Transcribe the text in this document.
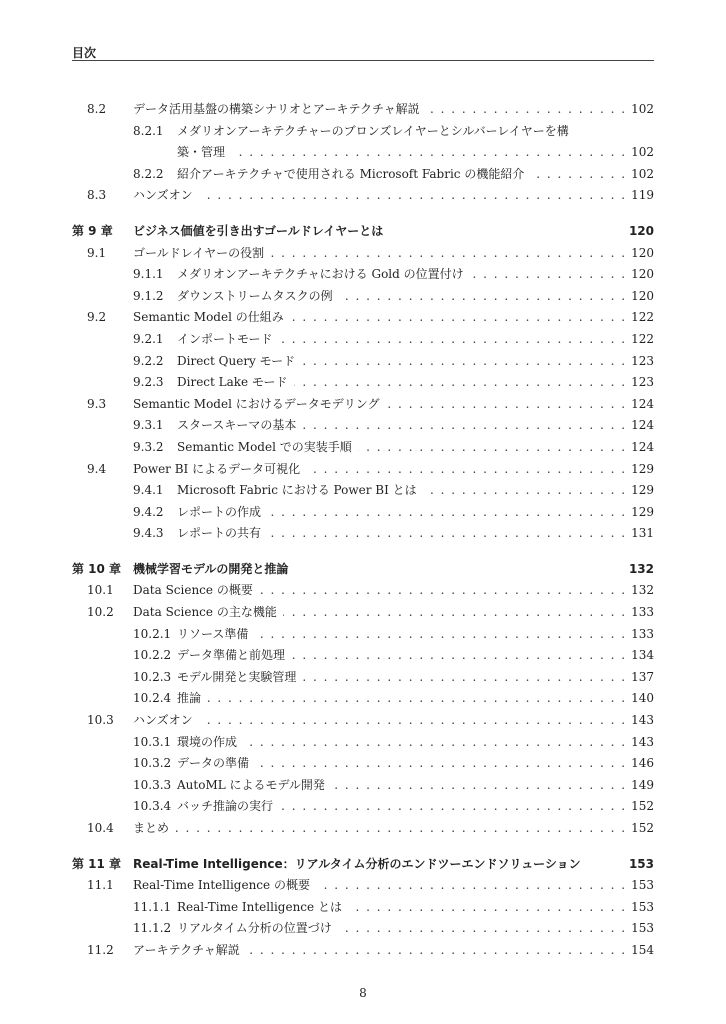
目次
8.2	データ活用基盤の構築シナリオとアーキテクチャ解説 . . .	102
8.2.1	メダリオンアーキテクチャーのブロンズレイヤーとシルバーレイヤーを構
築・管理 . . .	102
8.2.2	紹介アーキテクチャで使用される Microsoft Fabric の機能紹介 . . .	102
8.3	ハンズオン . . .	119
第 9 章	ビジネス価値を引き出すゴールドレイヤーとは	120
9.1	ゴールドレイヤーの役割 . . .	120
9.1.1	メダリオンアーキテクチャにおける Gold の位置付け . . .	120
9.1.2	ダウンストリームタスクの例 . . .	120
9.2	Semantic Model の仕組み . . .	122
9.2.1	インポートモード . . .	122
9.2.2	Direct Query モード . . .	123
9.2.3	Direct Lake モード . . .	123
9.3	Semantic Model におけるデータモデリング . . .	124
9.3.1	スタースキーマの基本 . . .	124
9.3.2	Semantic Model での実装手順 . . .	124
9.4	Power BI によるデータ可視化 . . .	129
9.4.1	Microsoft Fabric における Power BI とは . . .	129
9.4.2	レポートの作成 . . .	129
9.4.3	レポートの共有 . . .	131
第 10 章 機械学習モデルの開発と推論	132
10.1	Data Science の概要 . . .	132
10.2	Data Science の主な機能 . . .	133
10.2.1 リソース準備 . . .	133
10.2.2 データ準備と前処理 . . .	134
10.2.3 モデル開発と実験管理 . . .	137
10.2.4 推論 . . .	140
10.3	ハンズオン . . .	143
10.3.1 環境の作成 . . .	143
10.3.2 データの準備 . . .	146
10.3.3 AutoML によるモデル開発 . . .	149
10.3.4 バッチ推論の実行 . . .	152
10.4	まとめ . . .	152
第 11 章 Real-Time Intelligence：リアルタイム分析のエンドツーエンドソリューション	153
11.1	Real-Time Intelligence の概要 . . .	153
11.1.1 Real-Time Intelligence とは . . .	153
11.1.2 リアルタイム分析の位置づけ . . .	153
11.2	アーキテクチャ解説 . . .	154
8
